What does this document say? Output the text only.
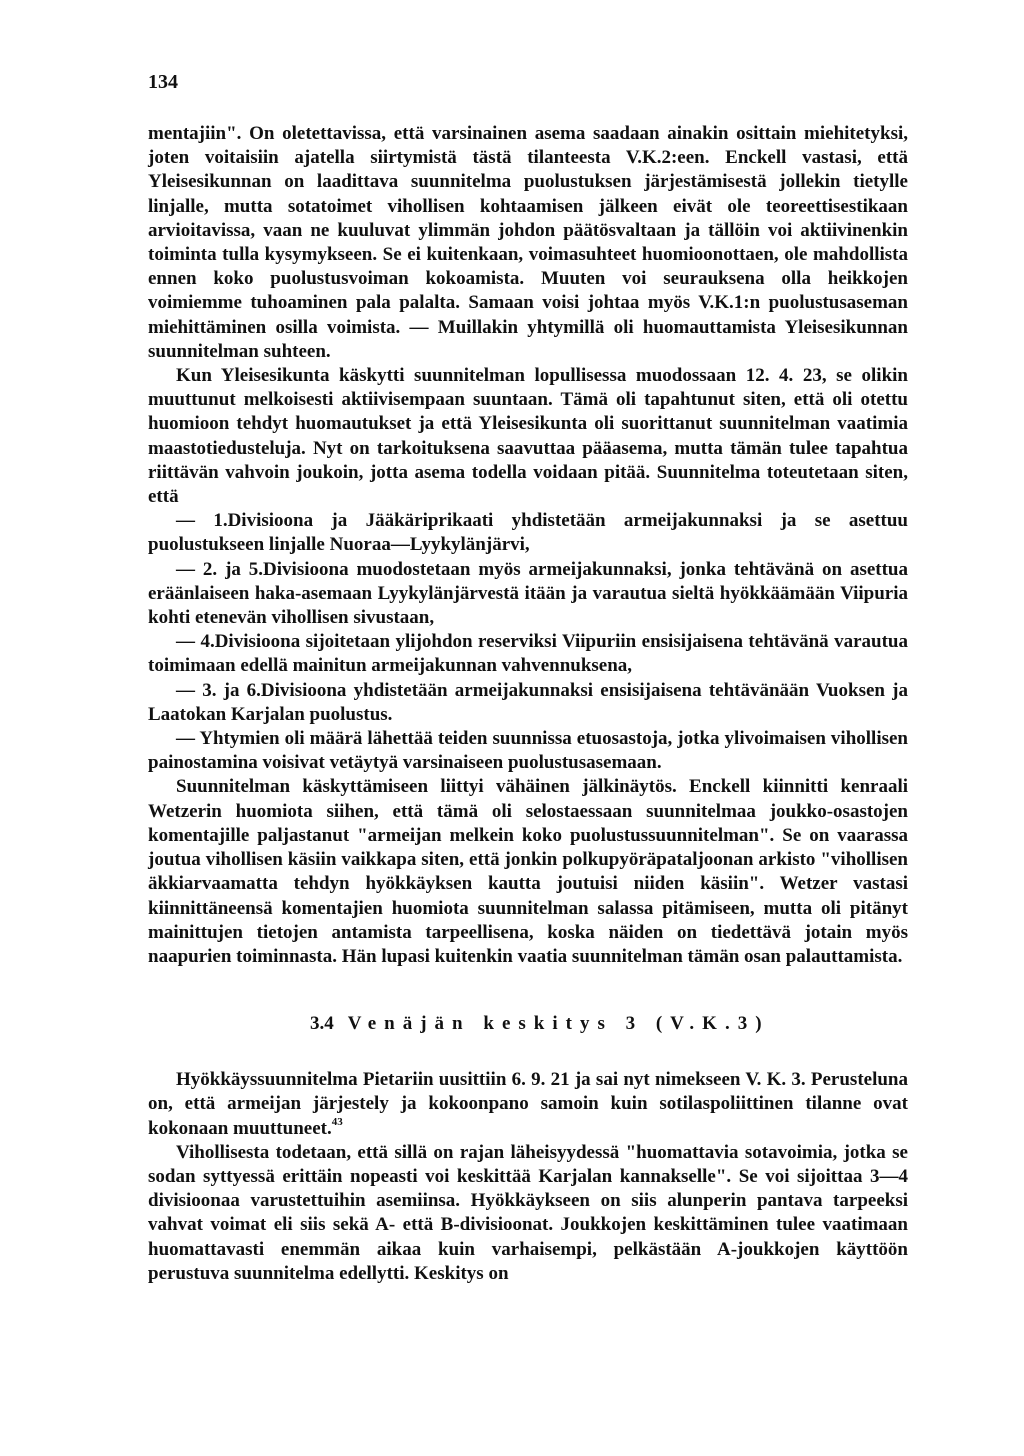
134

mentajiin". On oletettavissa, että varsinainen asema saadaan ainakin osittain miehitetyksi, joten voitaisiin ajatella siirtymistä tästä tilanteesta V.K.2:een. Enckell vastasi, että Yleisesikunnan on laadittava suunnitelma puolustuksen järjestämisestä jollekin tietylle linjalle, mutta sotatoimet vihollisen kohtaamisen jälkeen eivät ole teoreettisestikaan arvioitavissa, vaan ne kuuluvat ylimmän johdon päätösvaltaan ja tällöin voi aktiivinenkin toiminta tulla kysymykseen. Se ei kuitenkaan, voimasuhteet huomioonottaen, ole mahdollista ennen koko puolustusvoiman kokoamista. Muuten voi seurauksena olla heikkojen voimiemme tuhoaminen pala palalta. Samaan voisi johtaa myös V.K.1:n puolustusaseman miehittäminen osilla voimista. — Muillakin yhtymillä oli huomauttamista Yleisesikunnan suunnitelman suhteen.

Kun Yleisesikunta käskytti suunnitelman lopullisessa muodossaan 12. 4. 23, se olikin muuttunut melkoisesti aktiivisempaan suuntaan. Tämä oli tapahtunut siten, että oli otettu huomioon tehdyt huomautukset ja että Yleisesikunta oli suorittanut suunnitelman vaatimia maastotiedusteluja. Nyt on tarkoituksena saavuttaa pääasema, mutta tämän tulee tapahtua riittävän vahvoin joukoin, jotta asema todella voidaan pitää. Suunnitelma toteutetaan siten, että

— 1.Divisioona ja Jääkäriprikaati yhdistetään armeijakunnaksi ja se asettuu puolustukseen linjalle Nuoraa—Lyykylänjärvi,

— 2. ja 5.Divisioona muodostetaan myös armeijakunnaksi, jonka tehtävänä on asettua eräänlaiseen haka-asemaan Lyykylänjärvestä itään ja varautua sieltä hyökkäämään Viipuria kohti etenevän vihollisen sivustaan,

— 4.Divisioona sijoitetaan ylijohdon reserviksi Viipuriin ensisijaisena tehtävänä varautua toimimaan edellä mainitun armeijakunnan vahvennuksena,

— 3. ja 6.Divisioona yhdistetään armeijakunnaksi ensisijaisena tehtävänään Vuoksen ja Laatokan Karjalan puolustus.

— Yhtymien oli määrä lähettää teiden suunnissa etuosastoja, jotka ylivoimaisen vihollisen painostamina voisivat vetäytyä varsinaiseen puolustusasemaan.

Suunnitelman käskyttämiseen liittyi vähäinen jälkinäytös. Enckell kiinnitti kenraali Wetzerin huomiota siihen, että tämä oli selostaessaan suunnitelmaa joukko-osastojen komentajille paljastanut "armeijan melkein koko puolustussuunnitelman". Se on vaarassa joutua vihollisen käsiin vaikkapa siten, että jonkin polkupyöräpataljoonan arkisto "vihollisen äkkiarvaamatta tehdyn hyökkäyksen kautta joutuisi niiden käsiin". Wetzer vastasi kiinnittäneensä komentajien huomiota suunnitelman salassa pitämiseen, mutta oli pitänyt mainittujen tietojen antamista tarpeellisena, koska näiden on tiedettävä jotain myös naapurien toiminnasta. Hän lupasi kuitenkin vaatia suunnitelman tämän osan palauttamista.

3.4 Venäjän keskitys 3 (V.K.3)

Hyökkäyssuunnitelma Pietariin uusittiin 6. 9. 21 ja sai nyt nimekseen V. K. 3. Perusteluna on, että armeijan järjestely ja kokoonpano samoin kuin sotilaspoliittinen tilanne ovat kokonaan muuttuneet.$^{43}$

Vihollisesta todetaan, että sillä on rajan läheisyydessä "huomattavia sotavoimia, jotka se sodan syttyessä erittäin nopeasti voi keskittää Karjalan kannakselle". Se voi sijoittaa 3—4 divisioonaa varustettuihin asemiinsa. Hyökkäykseen on siis alunperin pantava tarpeeksi vahvat voimat eli siis sekä A- että B-divisioonat. Joukkojen keskittäminen tulee vaatimaan huomattavasti enemmän aikaa kuin varhaisempi, pelkästään A-joukkojen käyttöön perustuva suunnitelma edellytti. Keskitys on
